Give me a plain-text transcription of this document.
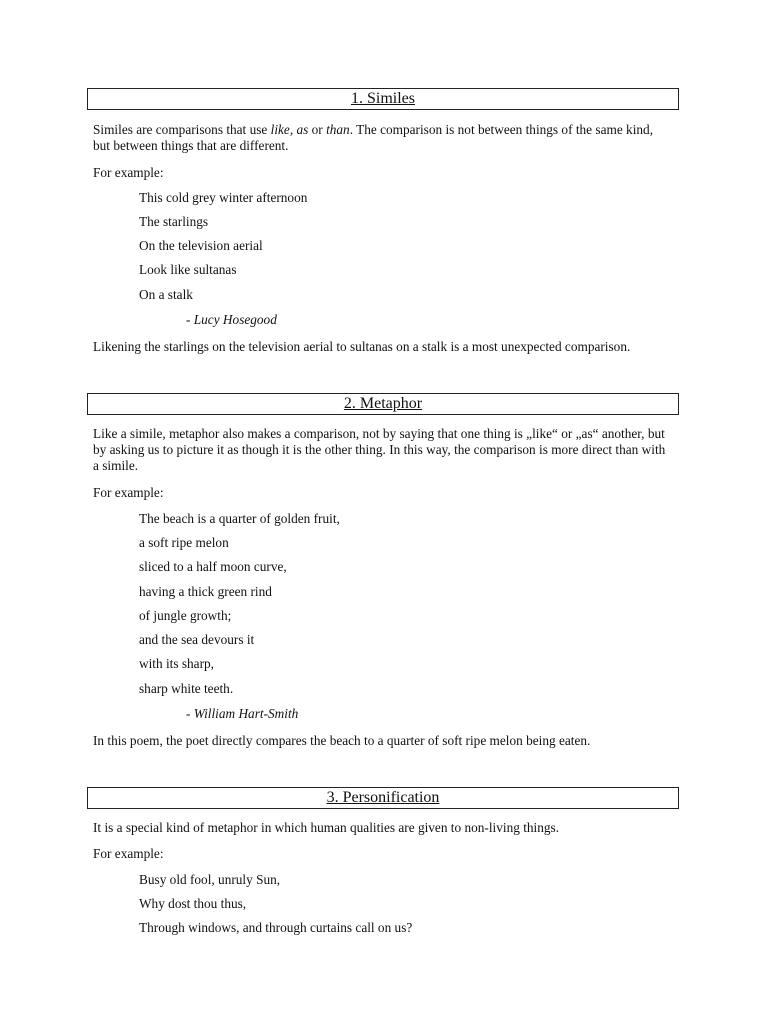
1. Similes
Similes are comparisons that use like, as or than. The comparison is not between things of the same kind, but between things that are different.
For example:
This cold grey winter afternoon
The starlings
On the television aerial
Look like sultanas
On a stalk
- Lucy Hosegood
Likening the starlings on the television aerial to sultanas on a stalk is a most unexpected comparison.
2. Metaphor
Like a simile, metaphor also makes a comparison, not by saying that one thing is „like“ or „as“ another, but by asking us to picture it as though it is the other thing. In this way, the comparison is more direct than with a simile.
For example:
The beach is a quarter of golden fruit,
a soft ripe melon
sliced to a half moon curve,
having a thick green rind
of jungle growth;
and the sea devours it
with its sharp,
sharp white teeth.
- William Hart-Smith
In this poem, the poet directly compares the beach to a quarter of soft ripe melon being eaten.
3. Personification
It is a special kind of metaphor in which human qualities are given to non-living things.
For example:
Busy old fool, unruly Sun,
Why dost thou thus,
Through windows, and through curtains call on us?
